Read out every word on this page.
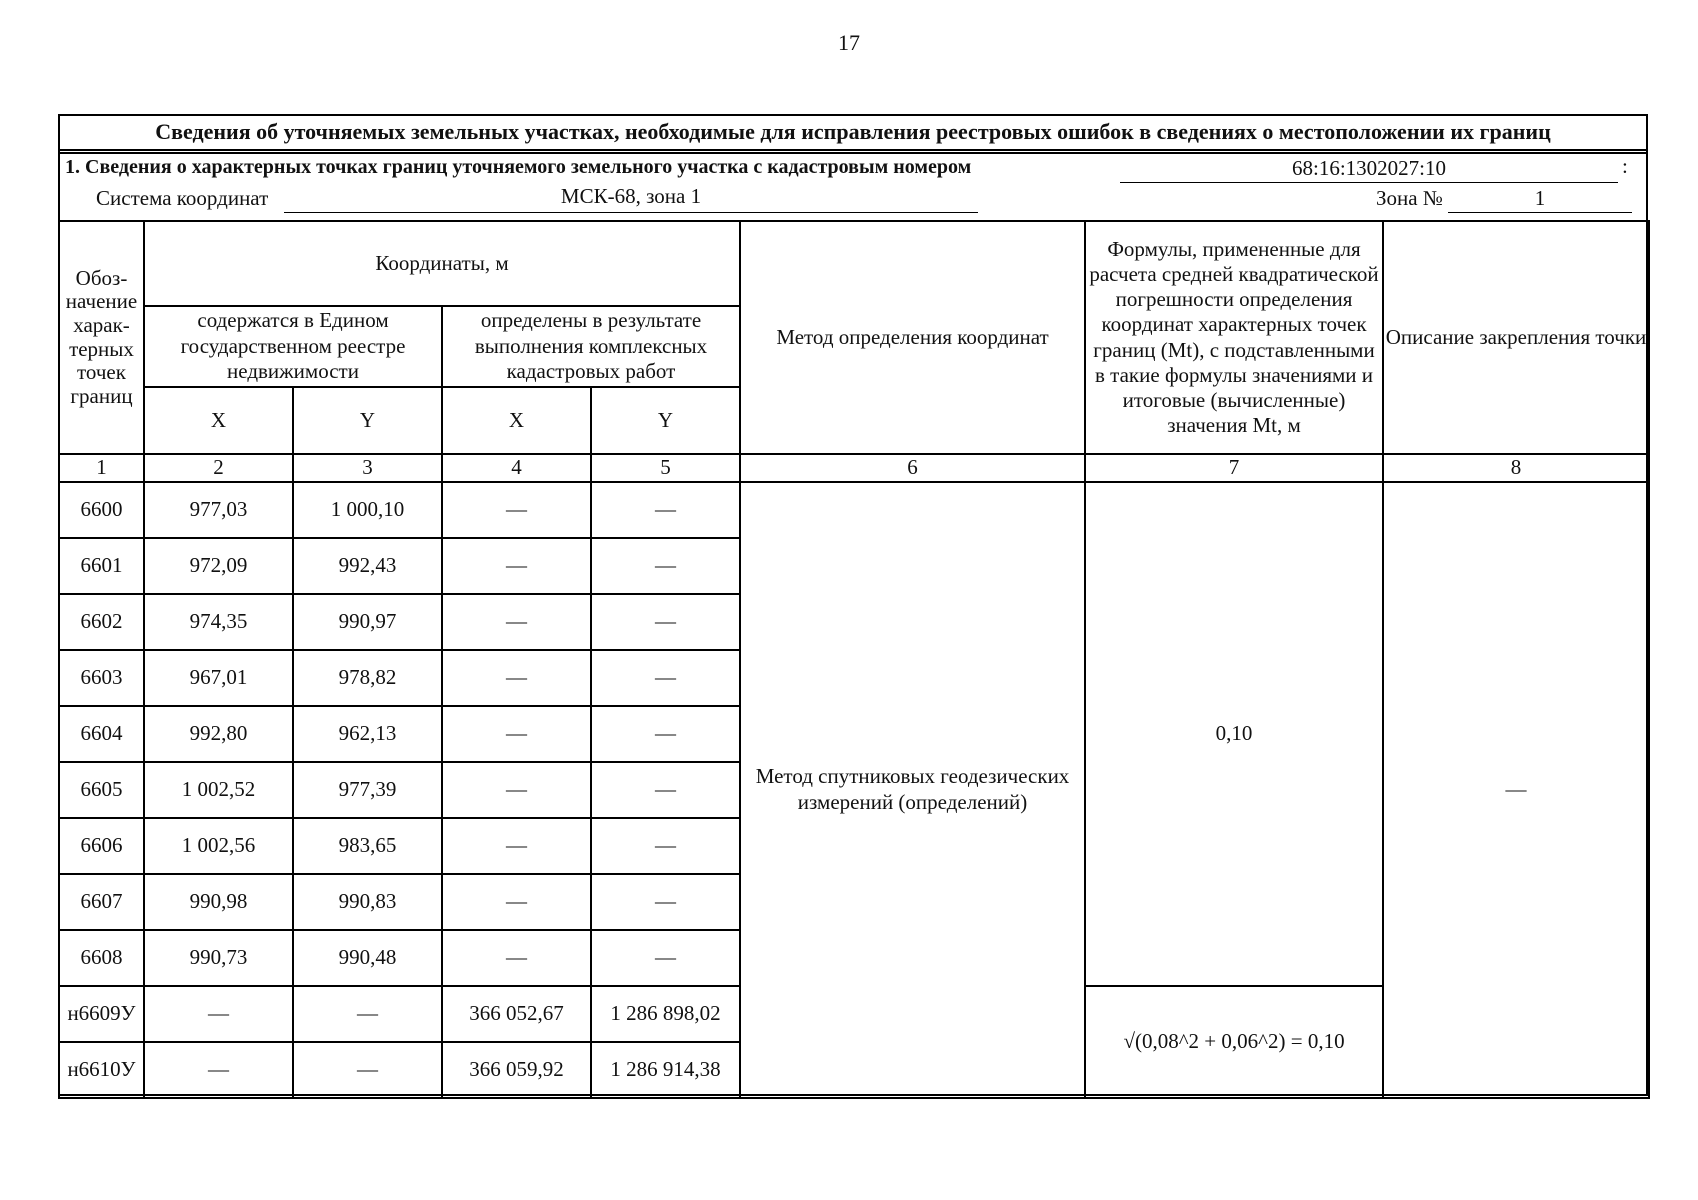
17
Сведения об уточняемых земельных участках, необходимые для исправления реестровых ошибок в сведениях о местоположении их границ
1. Сведения о характерных точках границ уточняемого земельного участка с кадастровым номером	68:16:1302027:10	:
Система координат	МСК-68, зона 1	Зона №	1
Обоз-начение харак-терных точек границ	Координаты, м				Метод определения координат	Формулы, примененные для расчета средней квадратической погрешности определения координат характерных точек границ (Mt), с подставленными в такие формулы значениями и итоговые (вычисленные) значения Mt, м	Описание закрепления точки
	содержатся в Едином государственном реестре недвижимости		определены в результате выполнения комплексных кадастровых работ				
	X	Y	X	Y			
1	2	3	4	5	6	7	8
6600	977,03	1 000,10	—	—	Метод спутниковых геодезических измерений (определений)	0,10	—
6601	972,09	992,43	—	—			
6602	974,35	990,97	—	—			
6603	967,01	978,82	—	—			
6604	992,80	962,13	—	—			
6605	1 002,52	977,39	—	—			
6606	1 002,56	983,65	—	—			
6607	990,98	990,83	—	—			
6608	990,73	990,48	—	—			
н6609У	—	—	366 052,67	1 286 898,02		√(0,08^2 + 0,06^2) = 0,10	
н6610У	—	—	366 059,92	1 286 914,38			
